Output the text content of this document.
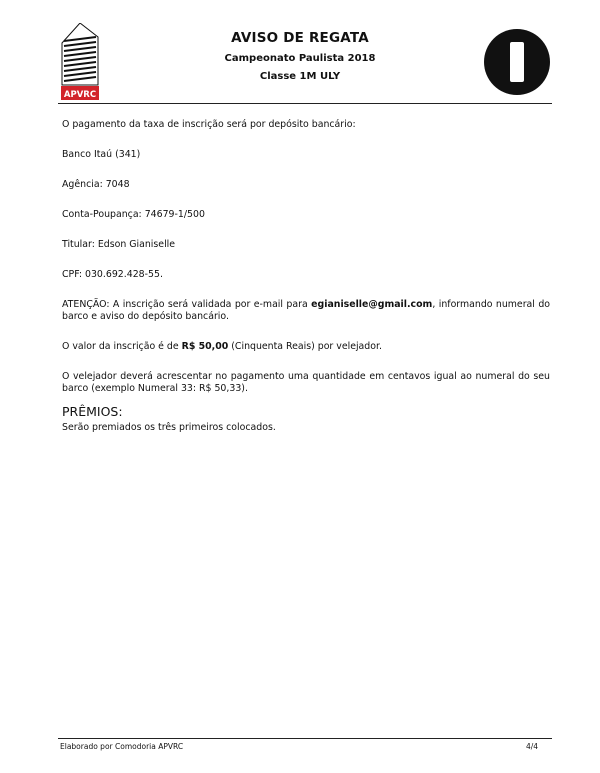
APVRC
AVISO DE REGATA
Campeonato Paulista 2018
Classe 1M ULY

O pagamento da taxa de inscrição será por depósito bancário:

Banco Itaú (341)

Agência: 7048

Conta-Poupança: 74679-1/500

Titular: Edson Gianiselle

CPF: 030.692.428-55.

ATENÇÃO: A inscrição será validada por e-mail para egianiselle@gmail.com, informando numeral do barco e aviso do depósito bancário.

O valor da inscrição é de R$ 50,00 (Cinquenta Reais) por velejador.

O velejador deverá acrescentar no pagamento uma quantidade em centavos igual ao numeral do seu barco (exemplo Numeral 33: R$ 50,33).

PRÊMIOS:

Serão premiados os três primeiros colocados.

Elaborado por Comodoria APVRC	4/4
